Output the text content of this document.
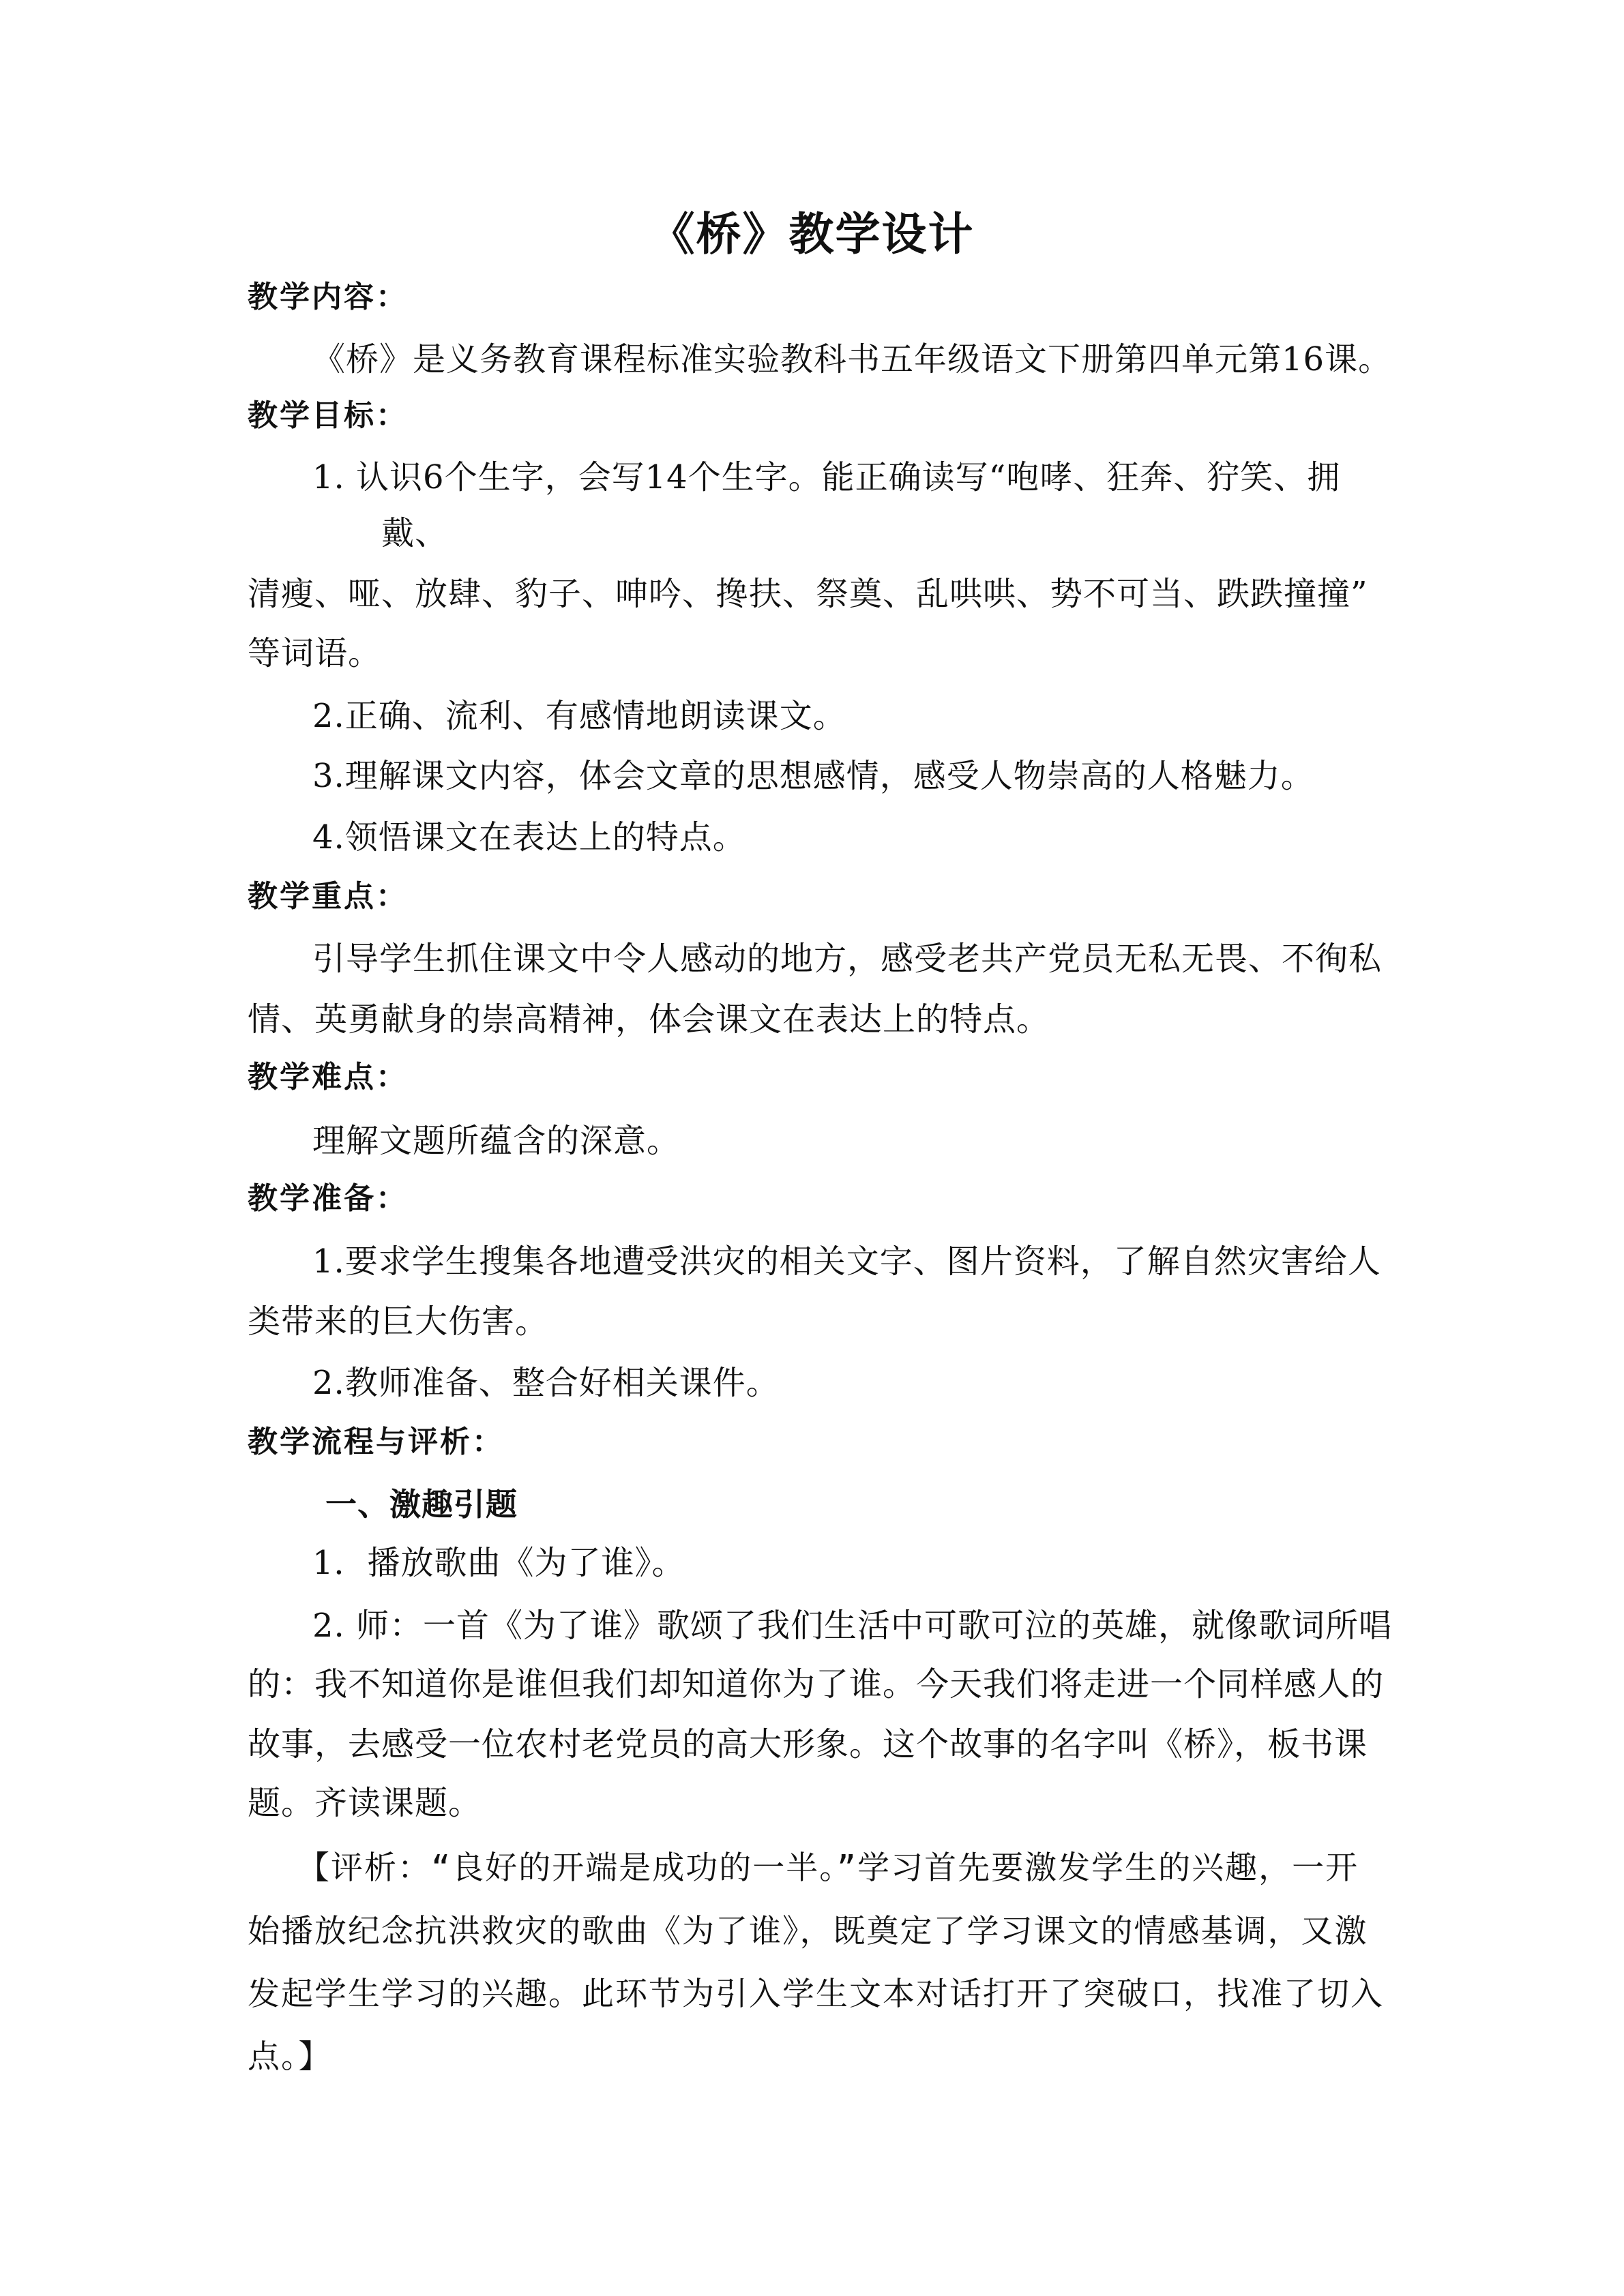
《桥》教学设计
教学内容：
《桥》是义务教育课程标准实验教科书五年级语文下册第四单元第16课。
教学目标：
1. 认识6个生字，会写14个生字。能正确读写“咆哮、狂奔、狞笑、拥
戴、
清瘦、哑、放肆、豹子、呻吟、搀扶、祭奠、乱哄哄、势不可当、跌跌撞撞”
等词语。
2.正确、流利、有感情地朗读课文。
3.理解课文内容，体会文章的思想感情，感受人物崇高的人格魅力。
4.领悟课文在表达上的特点。
教学重点：
引导学生抓住课文中令人感动的地方，感受老共产党员无私无畏、不徇私
情、英勇献身的崇高精神，体会课文在表达上的特点。
教学难点：
理解文题所蕴含的深意。
教学准备：
1.要求学生搜集各地遭受洪灾的相关文字、图片资料，了解自然灾害给人
类带来的巨大伤害。
2.教师准备、整合好相关课件。
教学流程与评析：
一、激趣引题
1．播放歌曲《为了谁》。
2. 师：一首《为了谁》歌颂了我们生活中可歌可泣的英雄，就像歌词所唱
的：我不知道你是谁但我们却知道你为了谁。今天我们将走进一个同样感人的
故事，去感受一位农村老党员的高大形象。这个故事的名字叫《桥》，板书课
题。齐读课题。
【评析：“良好的开端是成功的一半。”学习首先要激发学生的兴趣，一开
始播放纪念抗洪救灾的歌曲《为了谁》，既奠定了学习课文的情感基调，又激
发起学生学习的兴趣。此环节为引入学生文本对话打开了突破口，找准了切入
点。】
